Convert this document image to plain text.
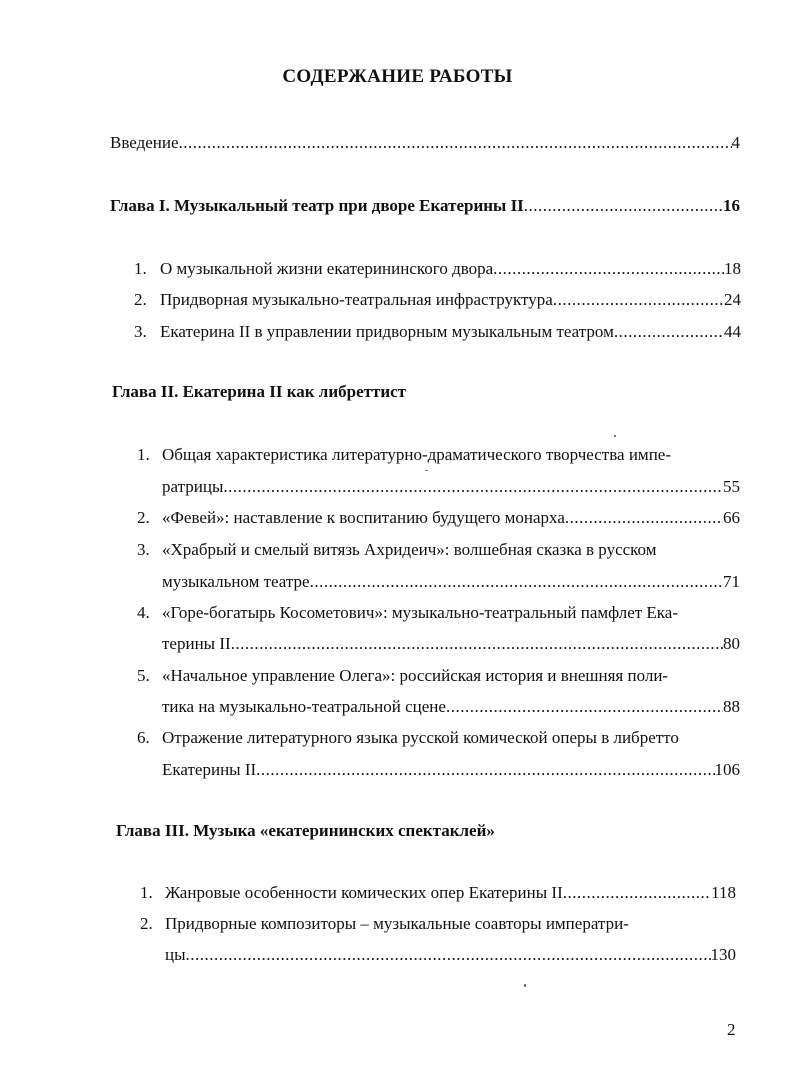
СОДЕРЖАНИЕ РАБОТЫ
Введение .....	4
Глава I. Музыкальный театр при дворе Екатерины II .....	16
1. О музыкальной жизни екатерининского двора .....	18
2. Придворная музыкально-театральная инфраструктура .....	24
3. Екатерина II в управлении придворным музыкальным театром .....	44
Глава II. Екатерина II как либреттист
1. Общая характеристика литературно-драматического творчества импе-
ратрицы .....	55
2. «Февей»: наставление к воспитанию будущего монарха .....	66
3. «Храбрый и смелый витязь Ахридеич»: волшебная сказка в русском
музыкальном театре .....	71
4. «Горе-богатырь Косометович»: музыкально-театральный памфлет Ека-
терины II .....	80
5. «Начальное управление Олега»: российская история и внешняя поли-
тика на музыкально-театральной сцене .....	88
6. Отражение литературного языка русской комической оперы в либретто
Екатерины II .....	106
Глава III. Музыка «екатерининских спектаклей»
1. Жанровые особенности комических опер Екатерины II .....	118
2. Придворные композиторы – музыкальные соавторы императри-
цы .....	130
2
